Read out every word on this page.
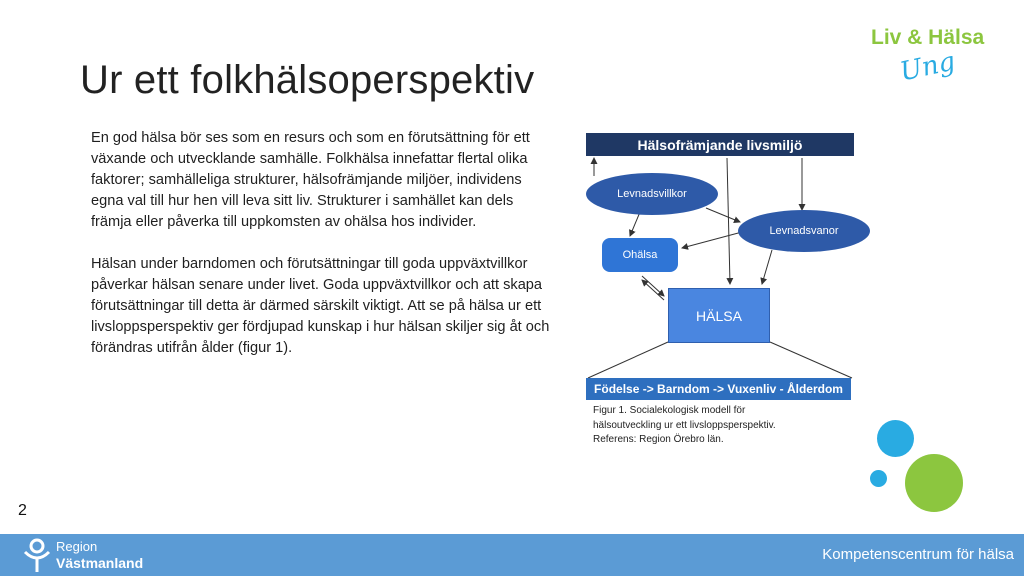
Ur ett folkhälsoperspektiv
Liv & Hälsa
Ung

En god hälsa bör ses som en resurs och som en förutsättning för ett växande och utvecklande samhälle. Folkhälsa innefattar flertal olika faktorer; samhälleliga strukturer, hälsofrämjande miljöer, individens egna val till hur hen vill leva sitt liv. Strukturer i samhället kan dels främja eller påverka till uppkomsten av ohälsa hos individer.

Hälsan under barndomen och förutsättningar till goda uppväxtvillkor påverkar hälsan senare under livet. Goda uppväxtvillkor och att skapa förutsättningar till detta är därmed särskilt viktigt. Att se på hälsa ur ett livsloppsperspektiv ger fördjupad kunskap i hur hälsan skiljer sig åt och förändras utifrån ålder (figur 1).

Hälsofrämjande livsmiljö
Levnadsvillkor
Levnadsvanor
Ohälsa
HÄLSA
Födelse -> Barndom -> Vuxenliv - Ålderdom
Figur 1. Socialekologisk modell för hälsoutveckling ur ett livsloppsperspektiv. Referens: Region Örebro län.
2
Region
Västmanland	Kompetenscentrum för hälsa
